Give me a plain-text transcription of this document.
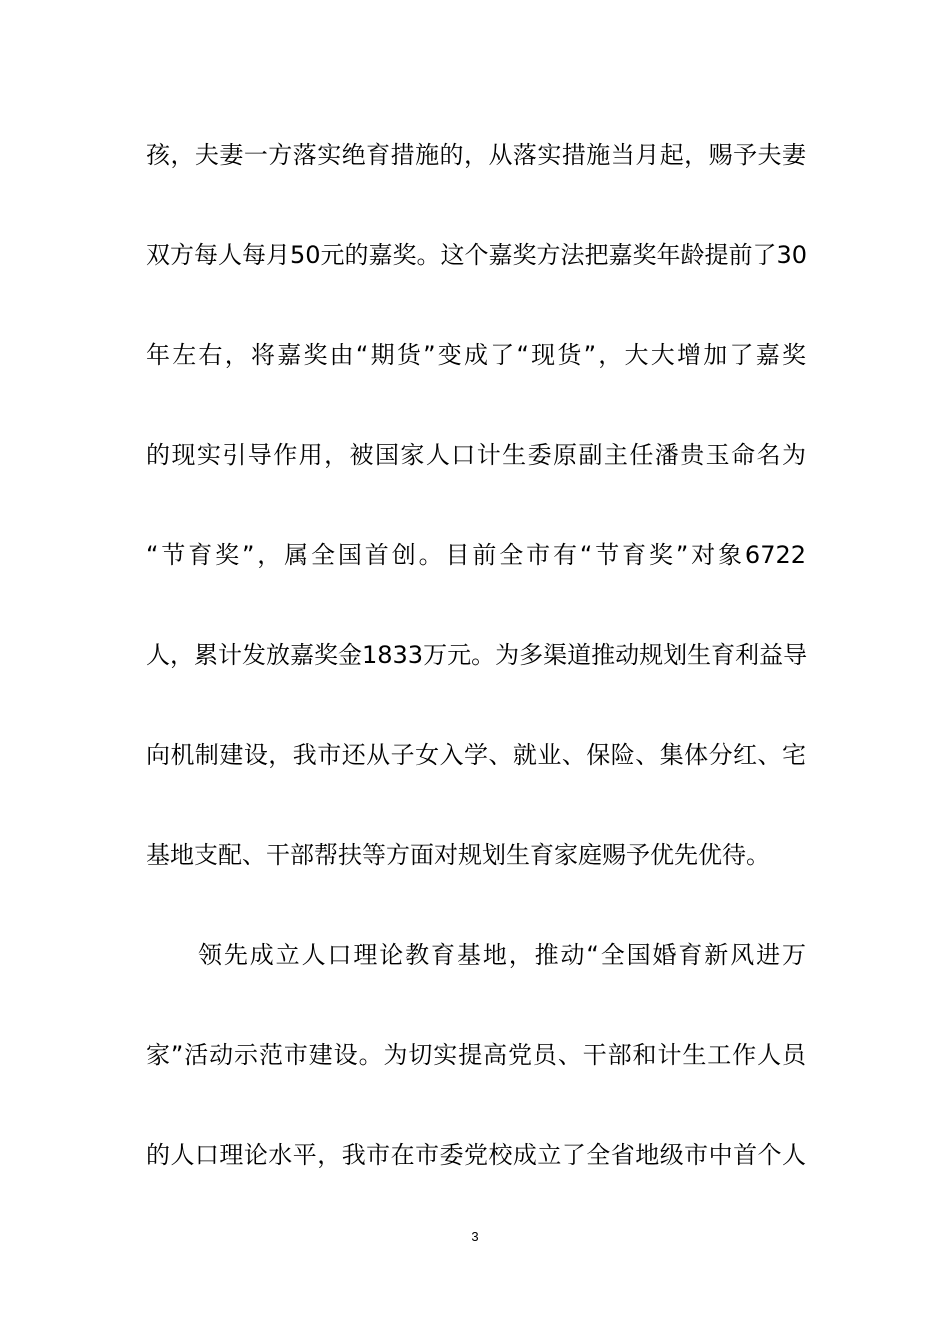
孩，夫妻一方落实绝育措施的，从落实措施当月起，赐予夫妻
双方每人每月50元的嘉奖。这个嘉奖方法把嘉奖年龄提前了30
年左右，将嘉奖由“期货”变成了“现货”，大大增加了嘉奖
的现实引导作用，被国家人口计生委原副主任潘贵玉命名为
“节育奖”，属全国首创。目前全市有“节育奖”对象6722
人，累计发放嘉奖金1833万元。为多渠道推动规划生育利益导
向机制建设，我市还从子女入学、就业、保险、集体分红、宅
基地支配、干部帮扶等方面对规划生育家庭赐予优先优待。
领先成立人口理论教育基地，推动“全国婚育新风进万
家”活动示范市建设。为切实提高党员、干部和计生工作人员
的人口理论水平，我市在市委党校成立了全省地级市中首个人
3
